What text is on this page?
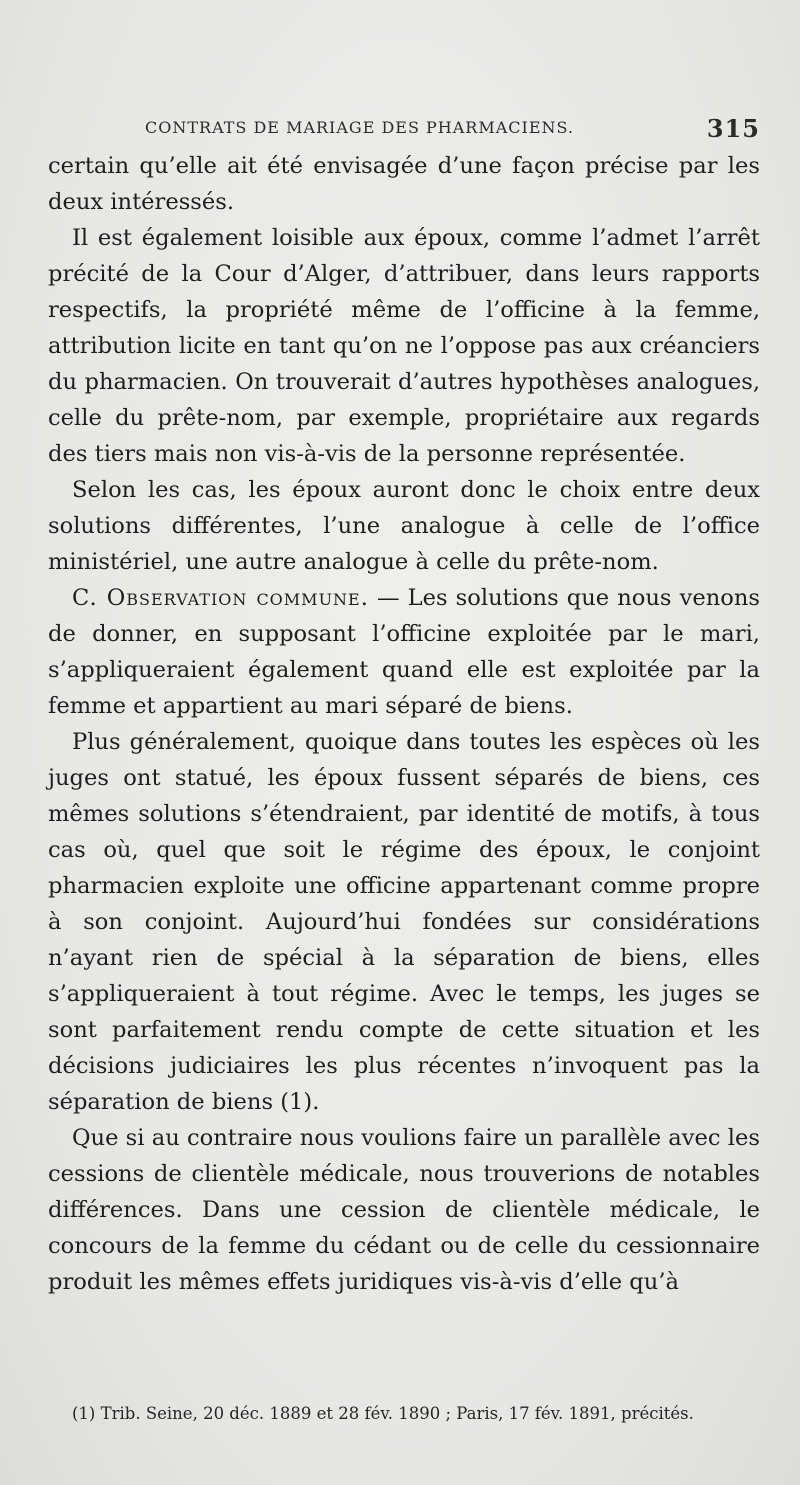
CONTRATS DE MARIAGE DES PHARMACIENS.	315

certain qu’elle ait été envisagée d’une façon précise par les deux intéressés.

Il est également loisible aux époux, comme l’admet l’arrêt précité de la Cour d’Alger, d’attribuer, dans leurs rapports respectifs, la propriété même de l’officine à la femme, attribution licite en tant qu’on ne l’oppose pas aux créanciers du pharmacien. On trouverait d’autres hypothèses analogues, celle du prête-nom, par exemple, propriétaire aux regards des tiers mais non vis-à-vis de la personne représentée.

Selon les cas, les époux auront donc le choix entre deux solutions différentes, l’une analogue à celle de l’office ministériel, une autre analogue à celle du prête-nom.

C. Observation commune. — Les solutions que nous venons de donner, en supposant l’officine exploitée par le mari, s’appliqueraient également quand elle est exploitée par la femme et appartient au mari séparé de biens.

Plus généralement, quoique dans toutes les espèces où les juges ont statué, les époux fussent séparés de biens, ces mêmes solutions s’étendraient, par identité de motifs, à tous cas où, quel que soit le régime des époux, le conjoint pharmacien exploite une officine appartenant comme propre à son conjoint. Aujourd’hui fondées sur considérations n’ayant rien de spécial à la séparation de biens, elles s’appliqueraient à tout régime. Avec le temps, les juges se sont parfaitement rendu compte de cette situation et les décisions judiciaires les plus récentes n’invoquent pas la séparation de biens (1).

Que si au contraire nous voulions faire un parallèle avec les cessions de clientèle médicale, nous trouverions de notables différences. Dans une cession de clientèle médicale, le concours de la femme du cédant ou de celle du cessionnaire produit les mêmes effets juridiques vis-à-vis d’elle qu’à

(1) Trib. Seine, 20 déc. 1889 et 28 fév. 1890 ; Paris, 17 fév. 1891, précités.
